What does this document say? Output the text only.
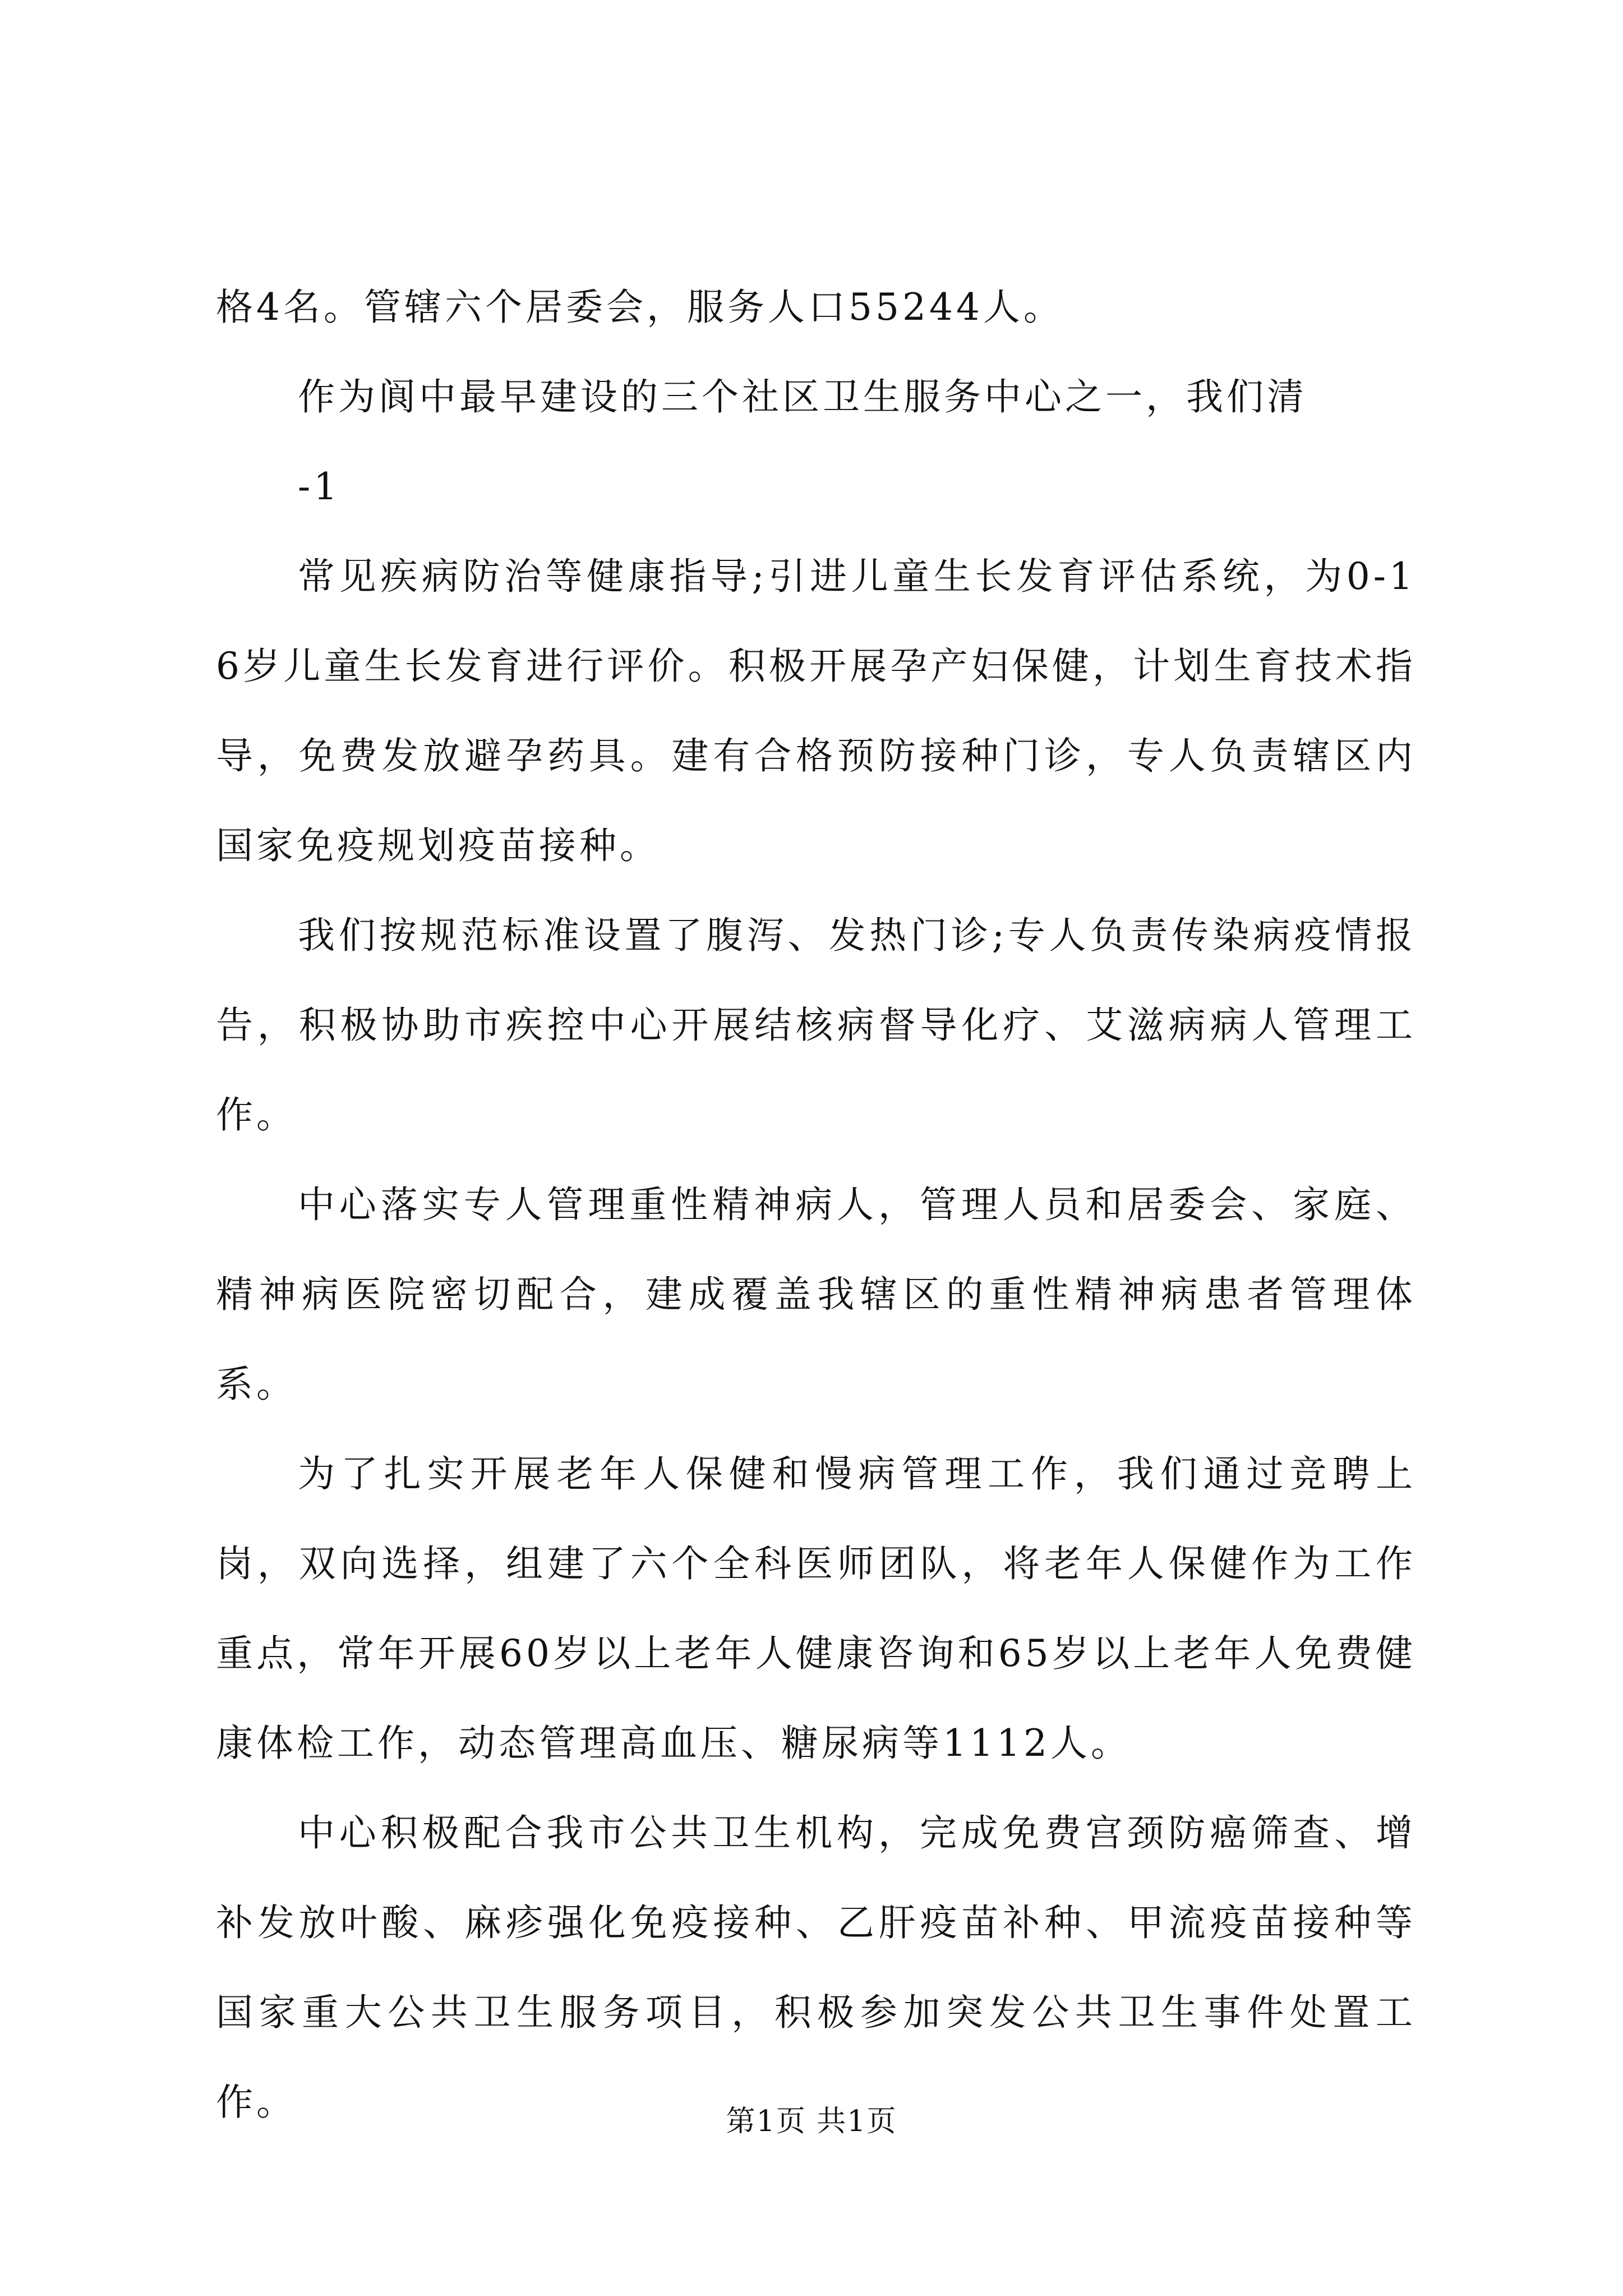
格4名。管辖六个居委会，服务人口55244人。

作为阆中最早建设的三个社区卫生服务中心之一，我们清

-1

常见疾病防治等健康指导;引进儿童生长发育评估系统，为0-16岁儿童生长发育进行评价。积极开展孕产妇保健，计划生育技术指导，免费发放避孕药具。建有合格预防接种门诊，专人负责辖区内国家免疫规划疫苗接种。

我们按规范标准设置了腹泻、发热门诊;专人负责传染病疫情报告，积极协助市疾控中心开展结核病督导化疗、艾滋病病人管理工作。

中心落实专人管理重性精神病人，管理人员和居委会、家庭、精神病医院密切配合，建成覆盖我辖区的重性精神病患者管理体系。

为了扎实开展老年人保健和慢病管理工作，我们通过竞聘上岗，双向选择，组建了六个全科医师团队，将老年人保健作为工作重点，常年开展60岁以上老年人健康咨询和65岁以上老年人免费健康体检工作，动态管理高血压、糖尿病等1112人。

中心积极配合我市公共卫生机构，完成免费宫颈防癌筛查、增补发放叶酸、麻疹强化免疫接种、乙肝疫苗补种、甲流疫苗接种等国家重大公共卫生服务项目，积极参加突发公共卫生事件处置工作。	第1页 共1页
